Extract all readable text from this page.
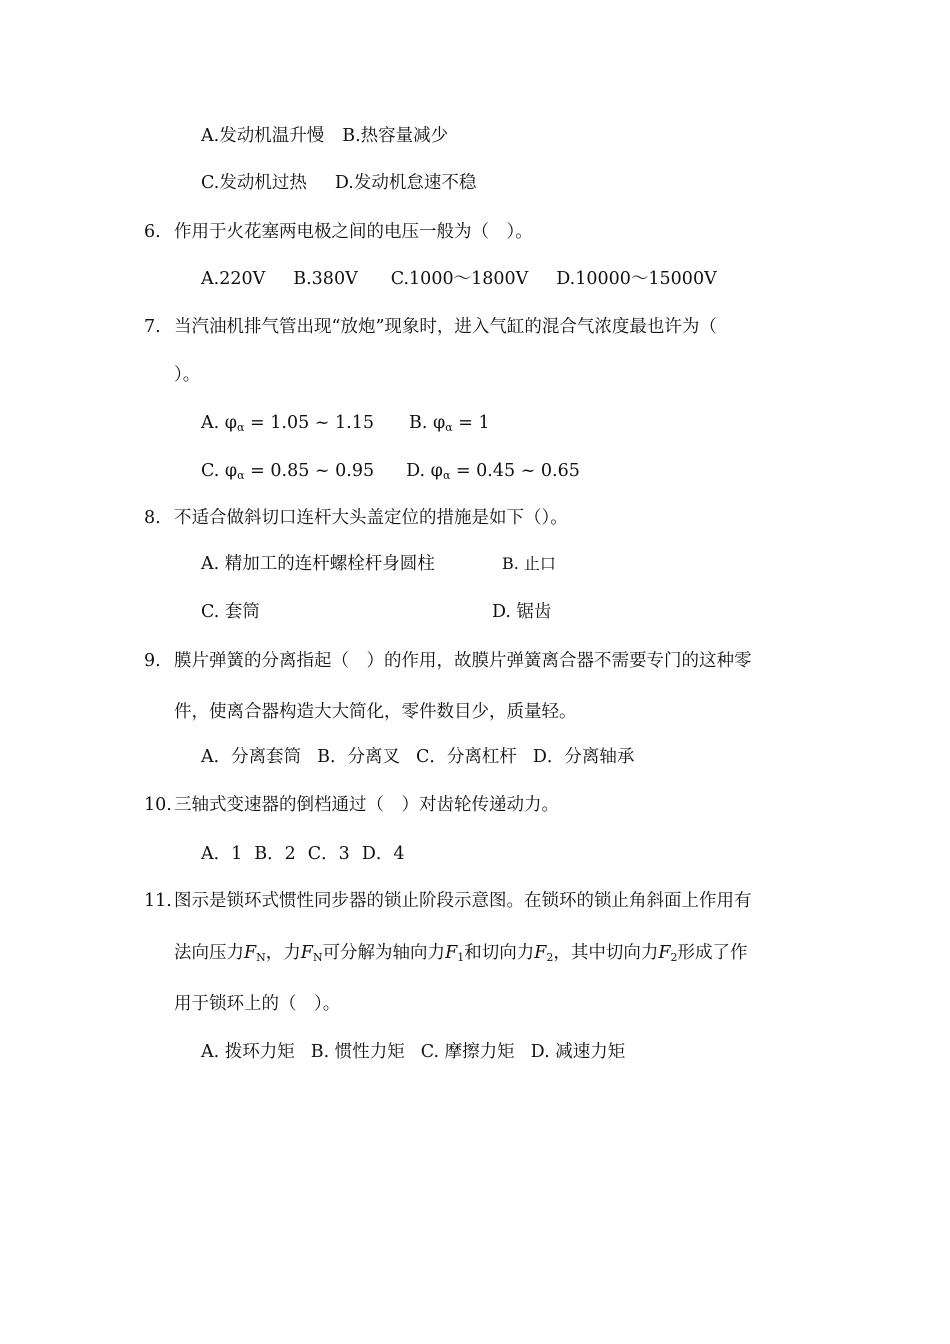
A.发动机温升慢 B.热容量减少
C.发动机过热 D.发动机怠速不稳
6. 作用于火花塞两电极之间的电压一般为（　）。
A.220V B.380V C.1000～1800V D.10000～15000V
7. 当汽油机排气管出现“放炮”现象时，进入气缸的混合气浓度最也许为（
）。
A. $\varphi_\alpha = 1.05$ ~ 1.15 B. $\varphi_\alpha = 1$
C. $\varphi_\alpha = 0.85$ ~ 0.95 D. $\varphi_\alpha = 0.45$ ~ 0.65
8. 不适合做斜切口连杆大头盖定位的措施是如下（）。
A. 精加工的连杆螺栓杆身圆柱	B. 止口
C. 套筒	D. 锯齿
9. 膜片弹簧的分离指起（　）的作用，故膜片弹簧离合器不需要专门的这种零
件，使离合器构造大大简化，零件数目少，质量轻。
A．分离套筒 B．分离叉 C．分离杠杆 D．分离轴承
10. 三轴式变速器的倒档通过（　）对齿轮传递动力。
A．1 B．2 C．3 D．4
11. 图示是锁环式惯性同步器的锁止阶段示意图。在锁环的锁止角斜面上作用有
法向压力$F_N$，力$F_N$可分解为轴向力$F_1$和切向力$F_2$，其中切向力$F_2$形成了作
用于锁环上的（　）。
A. 拨环力矩 B. 惯性力矩 C. 摩擦力矩 D. 减速力矩
